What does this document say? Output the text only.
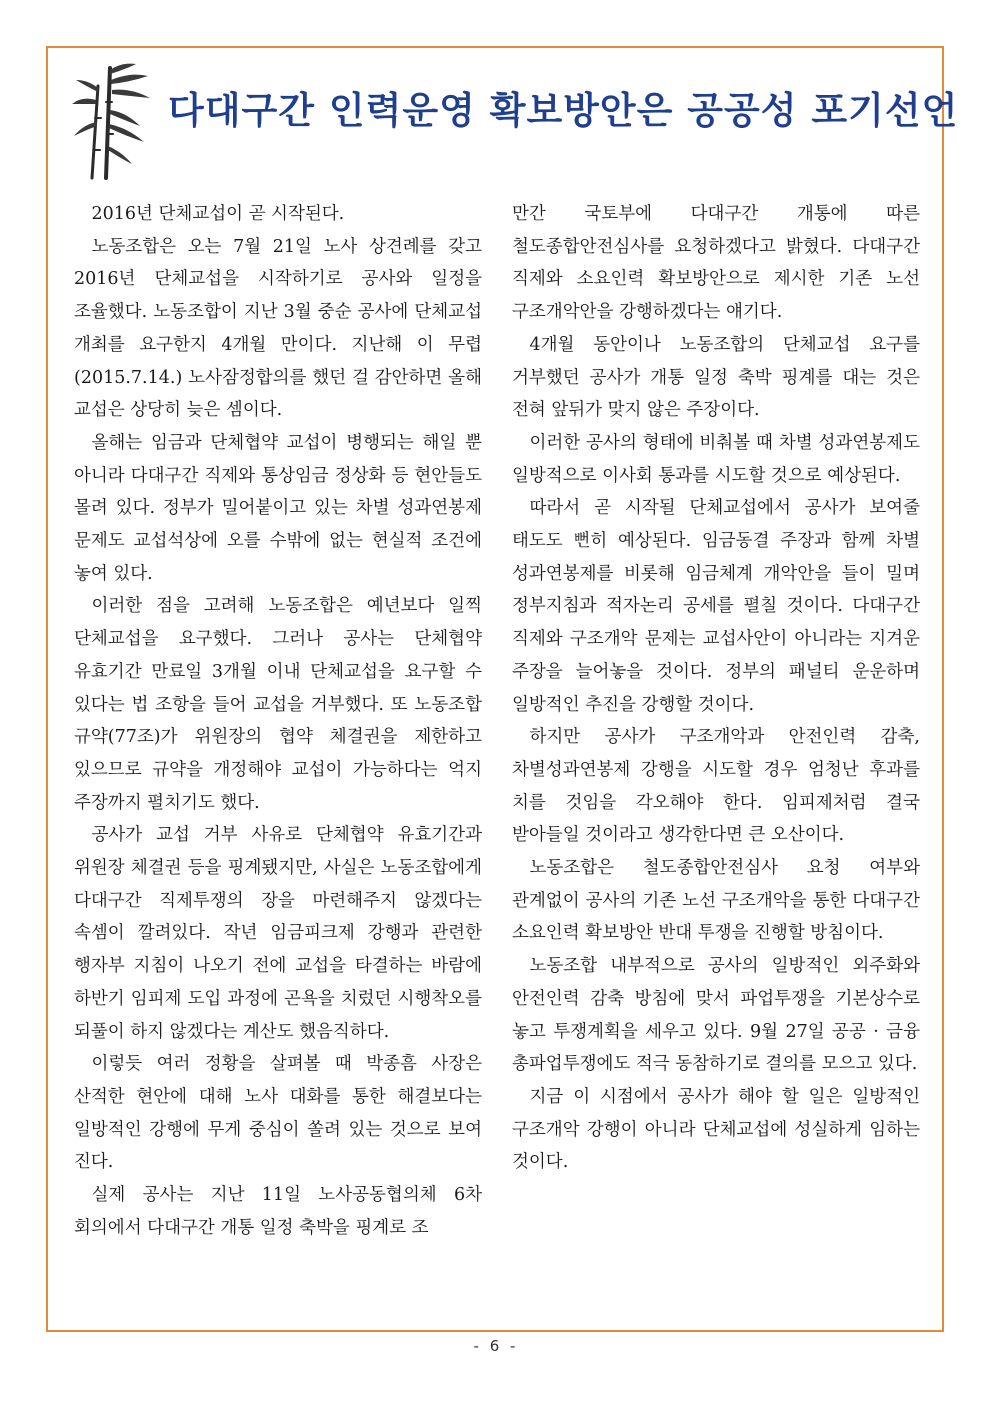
다대구간 인력운영 확보방안은 공공성 포기선언

2016년 단체교섭이 곧 시작된다.

노동조합은 오는 7월 21일 노사 상견례를 갖고 2016년 단체교섭을 시작하기로 공사와 일정을 조율했다. 노동조합이 지난 3월 중순 공사에 단체교섭 개최를 요구한지 4개월 만이다. 지난해 이 무렵(2015.7.14.) 노사잠정합의를 했던 걸 감안하면 올해 교섭은 상당히 늦은 셈이다.

올해는 임금과 단체협약 교섭이 병행되는 해일 뿐 아니라 다대구간 직제와 통상임금 정상화 등 현안들도 몰려 있다. 정부가 밀어붙이고 있는 차별 성과연봉제 문제도 교섭석상에 오를 수밖에 없는 현실적 조건에 놓여 있다.

이러한 점을 고려해 노동조합은 예년보다 일찍 단체교섭을 요구했다. 그러나 공사는 단체협약 유효기간 만료일 3개월 이내 단체교섭을 요구할 수 있다는 법 조항을 들어 교섭을 거부했다. 또 노동조합 규약(77조)가 위원장의 협약 체결권을 제한하고 있으므로 규약을 개정해야 교섭이 가능하다는 억지 주장까지 펼치기도 했다.

공사가 교섭 거부 사유로 단체협약 유효기간과 위원장 체결권 등을 핑계됐지만, 사실은 노동조합에게 다대구간 직제투쟁의 장을 마련해주지 않겠다는 속셈이 깔려있다. 작년 임금피크제 강행과 관련한 행자부 지침이 나오기 전에 교섭을 타결하는 바람에 하반기 임피제 도입 과정에 곤욕을 치렀던 시행착오를 되풀이 하지 않겠다는 계산도 했음직하다.

이렇듯 여러 정황을 살펴볼 때 박종흠 사장은 산적한 현안에 대해 노사 대화를 통한 해결보다는 일방적인 강행에 무게 중심이 쏠려 있는 것으로 보여 진다.

실제 공사는 지난 11일 노사공동협의체 6차 회의에서 다대구간 개통 일정 축박을 핑계로 조

만간 국토부에 다대구간 개통에 따른 철도종합안전심사를 요청하겠다고 밝혔다. 다대구간 직제와 소요인력 확보방안으로 제시한 기존 노선 구조개악안을 강행하겠다는 얘기다.

4개월 동안이나 노동조합의 단체교섭 요구를 거부했던 공사가 개통 일정 축박 핑계를 대는 것은 전혀 앞뒤가 맞지 않은 주장이다.

이러한 공사의 형태에 비춰볼 때 차별 성과연봉제도 일방적으로 이사회 통과를 시도할 것으로 예상된다.

따라서 곧 시작될 단체교섭에서 공사가 보여줄 태도도 뻔히 예상된다. 임금동결 주장과 함께 차별 성과연봉제를 비롯해 임금체계 개악안을 들이 밀며 정부지침과 적자논리 공세를 펼칠 것이다. 다대구간 직제와 구조개악 문제는 교섭사안이 아니라는 지겨운 주장을 늘어놓을 것이다. 정부의 패널티 운운하며 일방적인 추진을 강행할 것이다.

하지만 공사가 구조개악과 안전인력 감축, 차별성과연봉제 강행을 시도할 경우 엄청난 후과를 치를 것임을 각오해야 한다. 임피제처럼 결국 받아들일 것이라고 생각한다면 큰 오산이다.

노동조합은 철도종합안전심사 요청 여부와 관계없이 공사의 기존 노선 구조개악을 통한 다대구간 소요인력 확보방안 반대 투쟁을 진행할 방침이다.

노동조합 내부적으로 공사의 일방적인 외주화와 안전인력 감축 방침에 맞서 파업투쟁을 기본상수로 놓고 투쟁계획을 세우고 있다. 9월 27일 공공 · 금융 총파업투쟁에도 적극 동참하기로 결의를 모으고 있다.

지금 이 시점에서 공사가 해야 할 일은 일방적인 구조개악 강행이 아니라 단체교섭에 성실하게 임하는 것이다.

- 6 -
